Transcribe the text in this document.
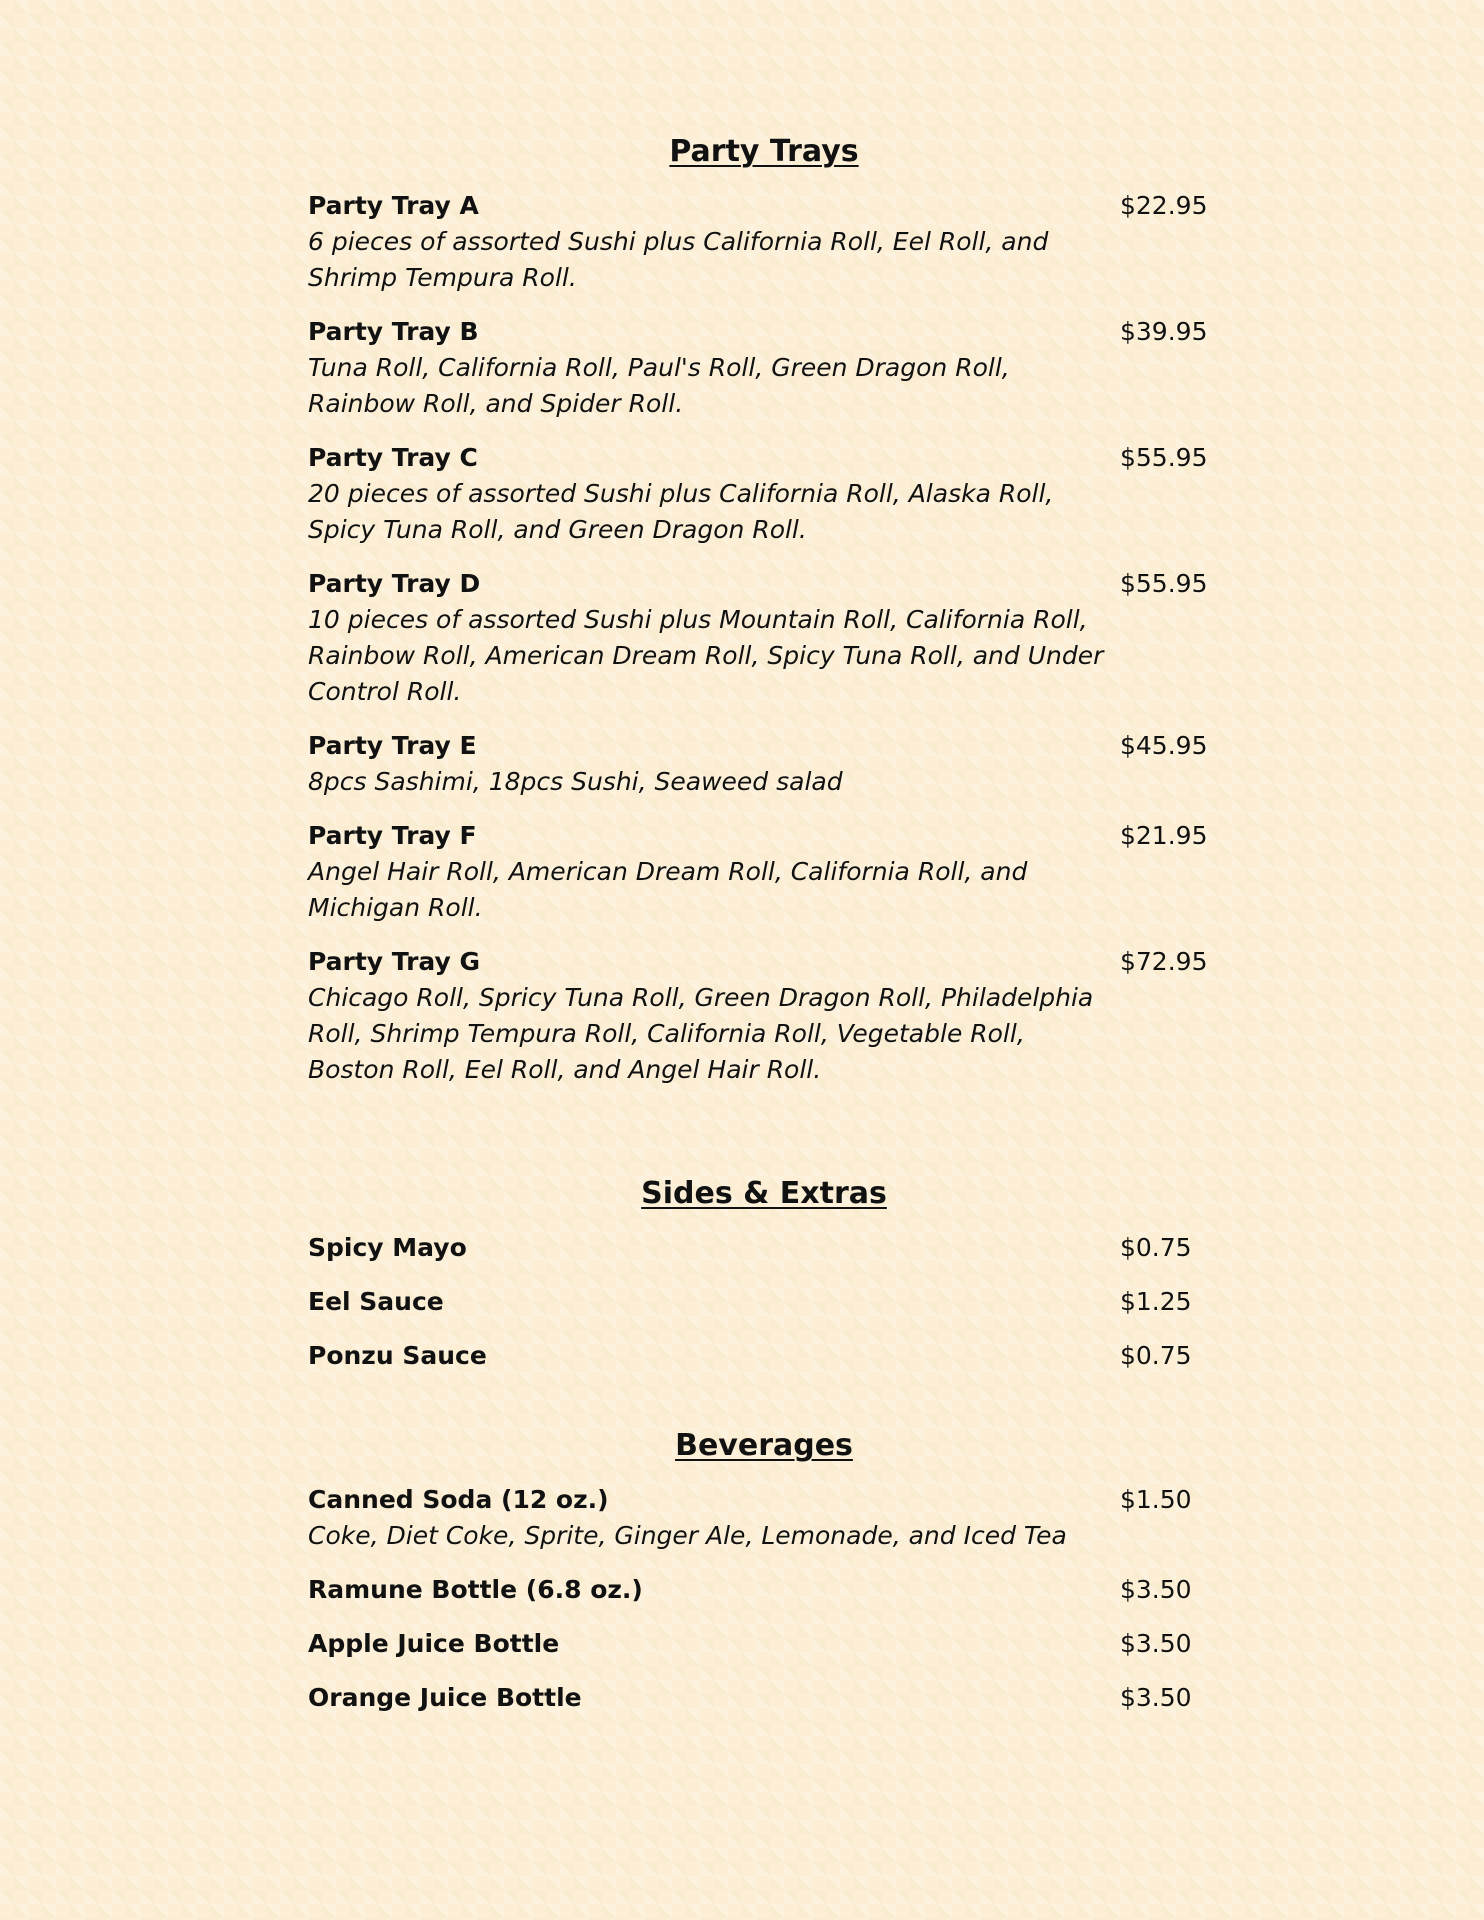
Party Trays
Party Tray A
6 pieces of assorted Sushi plus California Roll, Eel Roll, and Shrimp Tempura Roll.
$22.95
Party Tray B
Tuna Roll, California Roll, Paul's Roll, Green Dragon Roll, Rainbow Roll, and Spider Roll.
$39.95
Party Tray C
20 pieces of assorted Sushi plus California Roll, Alaska Roll, Spicy Tuna Roll, and Green Dragon Roll.
$55.95
Party Tray D
10 pieces of assorted Sushi plus Mountain Roll, California Roll, Rainbow Roll, American Dream Roll, Spicy Tuna Roll, and Under Control Roll.
$55.95
Party Tray E
8pcs Sashimi, 18pcs Sushi, Seaweed salad
$45.95
Party Tray F
Angel Hair Roll, American Dream Roll, California Roll, and Michigan Roll.
$21.95
Party Tray G
Chicago Roll, Spricy Tuna Roll, Green Dragon Roll, Philadelphia Roll, Shrimp Tempura Roll, California Roll, Vegetable Roll, Boston Roll, Eel Roll, and Angel Hair Roll.
$72.95
Sides & Extras
Spicy Mayo	$0.75
Eel Sauce	$1.25
Ponzu Sauce	$0.75
Beverages
Canned Soda (12 oz.)
Coke, Diet Coke, Sprite, Ginger Ale, Lemonade, and Iced Tea
$1.50
Ramune Bottle (6.8 oz.)	$3.50
Apple Juice Bottle	$3.50
Orange Juice Bottle	$3.50
